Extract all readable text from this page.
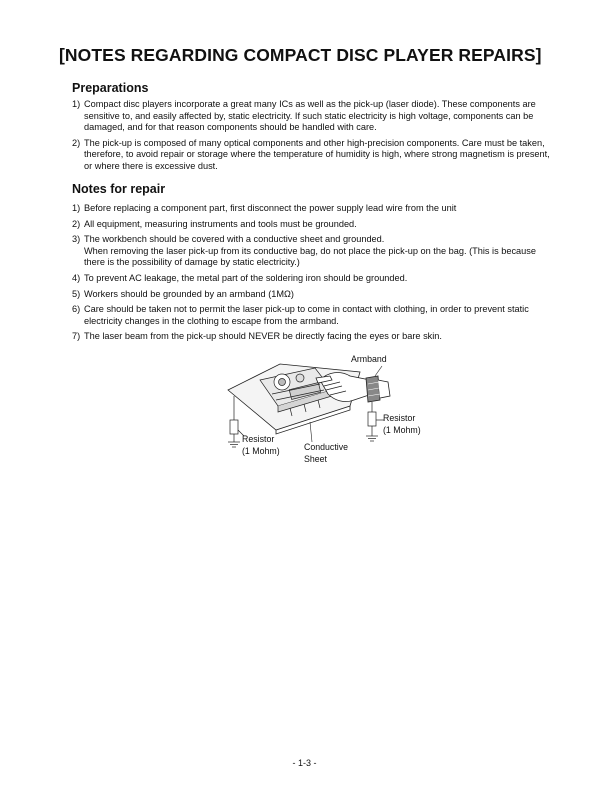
[NOTES REGARDING COMPACT DISC PLAYER REPAIRS]
Preparations
1) Compact disc players incorporate a great many ICs as well as the pick-up (laser diode). These components are sensitive to, and easily affected by, static electricity. If such static electricity is high voltage, components can be damaged, and for that reason components should be handled with care.
2) The pick-up is composed of many optical components and other high-precision components. Care must be taken, therefore, to avoid repair or storage where the temperature of humidity is high, where strong magnetism is present, or where there is excessive dust.
Notes for repair
1) Before replacing a component part, first disconnect the power supply lead wire from the unit
2) All equipment, measuring instruments and tools must be grounded.
3) The workbench should be covered with a conductive sheet and grounded.
When removing the laser pick-up from its conductive bag, do not place the pick-up on the bag. (This is because there is the possibility of damage by static electricity.)
4) To prevent AC leakage, the metal part of the soldering iron should be grounded.
5) Workers should be grounded by an armband (1MΩ)
6) Care should be taken not to permit the laser pick-up to come in contact with clothing, in order to prevent static electricity changes in the clothing to escape from the armband.
7) The laser beam from the pick-up should NEVER be directly facing the eyes or bare skin.
Armband
Resistor
(1 Mohm)
Resistor
(1 Mohm)	Conductive
Sheet
- 1-3 -
